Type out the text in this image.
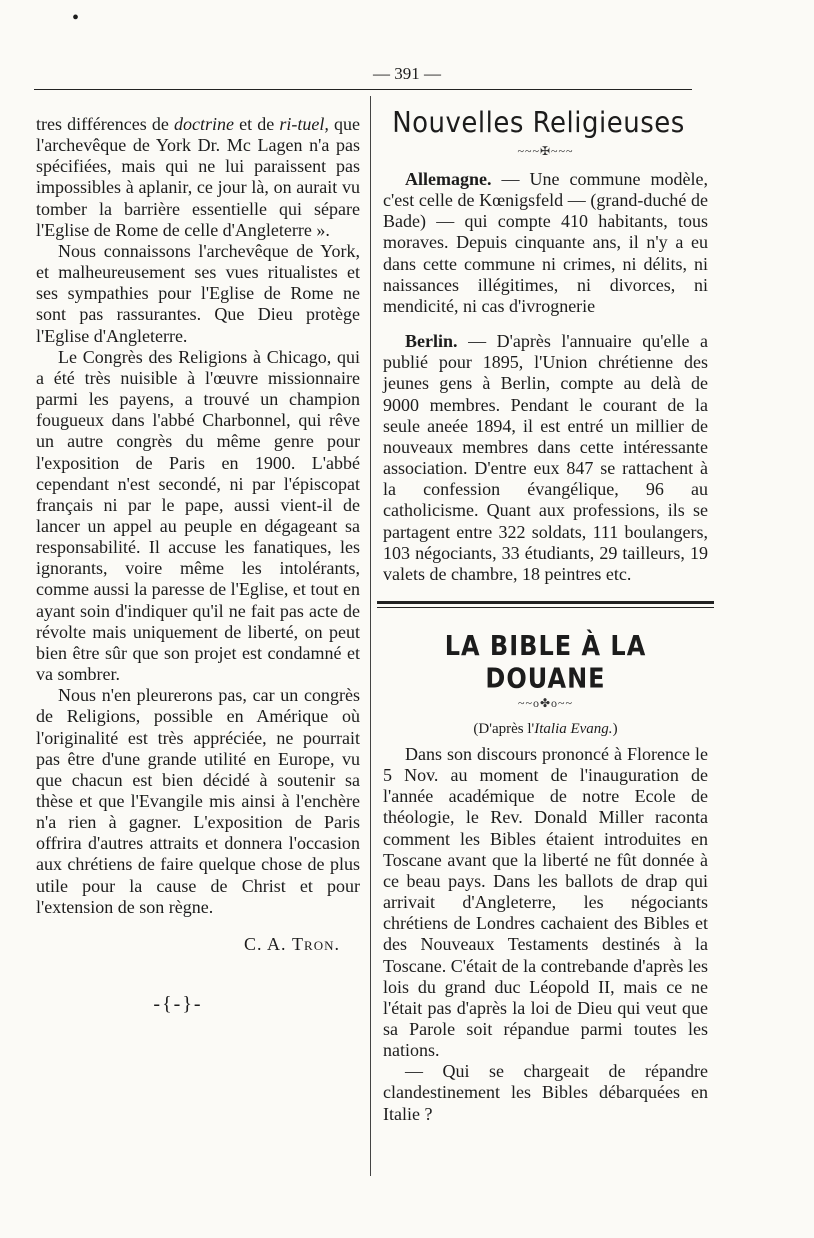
•
— 391 —

tres différences de doctrine et de ri-tuel, que l'archevêque de York Dr. Mc Lagen n'a pas spécifiées, mais qui ne lui paraissent pas impossibles à aplanir, ce jour là, on aurait vu tomber la barrière essentielle qui sépare l'Eglise de Rome de celle d'Angleterre ».

Nous connaissons l'archevêque de York, et malheureusement ses vues ritualistes et ses sympathies pour l'Eglise de Rome ne sont pas rassurantes. Que Dieu protège l'Eglise d'Angleterre.

Le Congrès des Religions à Chicago, qui a été très nuisible à l'œuvre missionnaire parmi les payens, a trouvé un champion fougueux dans l'abbé Charbonnel, qui rêve un autre congrès du même genre pour l'exposition de Paris en 1900. L'abbé cependant n'est secondé, ni par l'épiscopat français ni par le pape, aussi vient-il de lancer un appel au peuple en dégageant sa responsabilité. Il accuse les fanatiques, les ignorants, voire même les intolérants, comme aussi la paresse de l'Eglise, et tout en ayant soin d'indiquer qu'il ne fait pas acte de révolte mais uniquement de liberté, on peut bien être sûr que son projet est condamné et va sombrer.

Nous n'en pleurerons pas, car un congrès de Religions, possible en Amérique où l'originalité est très appréciée, ne pourrait pas être d'une grande utilité en Europe, vu que chacun est bien décidé à soutenir sa thèse et que l'Evangile mis ainsi à l'enchère n'a rien à gagner. L'exposition de Paris offrira d'autres attraits et donnera l'occasion aux chrétiens de faire quelque chose de plus utile pour la cause de Christ et pour l'extension de son règne.

C. A. Tron.
-{-}-
Nouvelles Religieuses
~~~✠~~~

Allemagne. — Une commune modèle, c'est celle de Kœnigsfeld — (grand-duché de Bade) — qui compte 410 habitants, tous moraves. Depuis cinquante ans, il n'y a eu dans cette commune ni crimes, ni délits, ni naissances illégitimes, ni divorces, ni mendicité, ni cas d'ivrognerie

Berlin. — D'après l'annuaire qu'elle a publié pour 1895, l'Union chrétienne des jeunes gens à Berlin, compte au delà de 9000 membres. Pendant le courant de la seule aneée 1894, il est entré un millier de nouveaux membres dans cette intéressante association. D'entre eux 847 se rattachent à la confession évangélique, 96 au catholicisme. Quant aux professions, ils se partagent entre 322 soldats, 111 boulangers, 103 négociants, 33 étudiants, 29 tailleurs, 19 valets de chambre, 18 peintres etc.

LA BIBLE À LA DOUANE
~~o✤o~~
(D'après l'Italia Evang.)

Dans son discours prononcé à Florence le 5 Nov. au moment de l'inauguration de l'année académique de notre Ecole de théologie, le Rev. Donald Miller raconta comment les Bibles étaient introduites en Toscane avant que la liberté ne fût donnée à ce beau pays. Dans les ballots de drap qui arrivait d'Angleterre, les négociants chrétiens de Londres cachaient des Bibles et des Nouveaux Testaments destinés à la Toscane. C'était de la contrebande d'après les lois du grand duc Léopold II, mais ce ne l'était pas d'après la loi de Dieu qui veut que sa Parole soit répandue parmi toutes les nations.

— Qui se chargeait de répandre clandestinement les Bibles débarquées en Italie ?
